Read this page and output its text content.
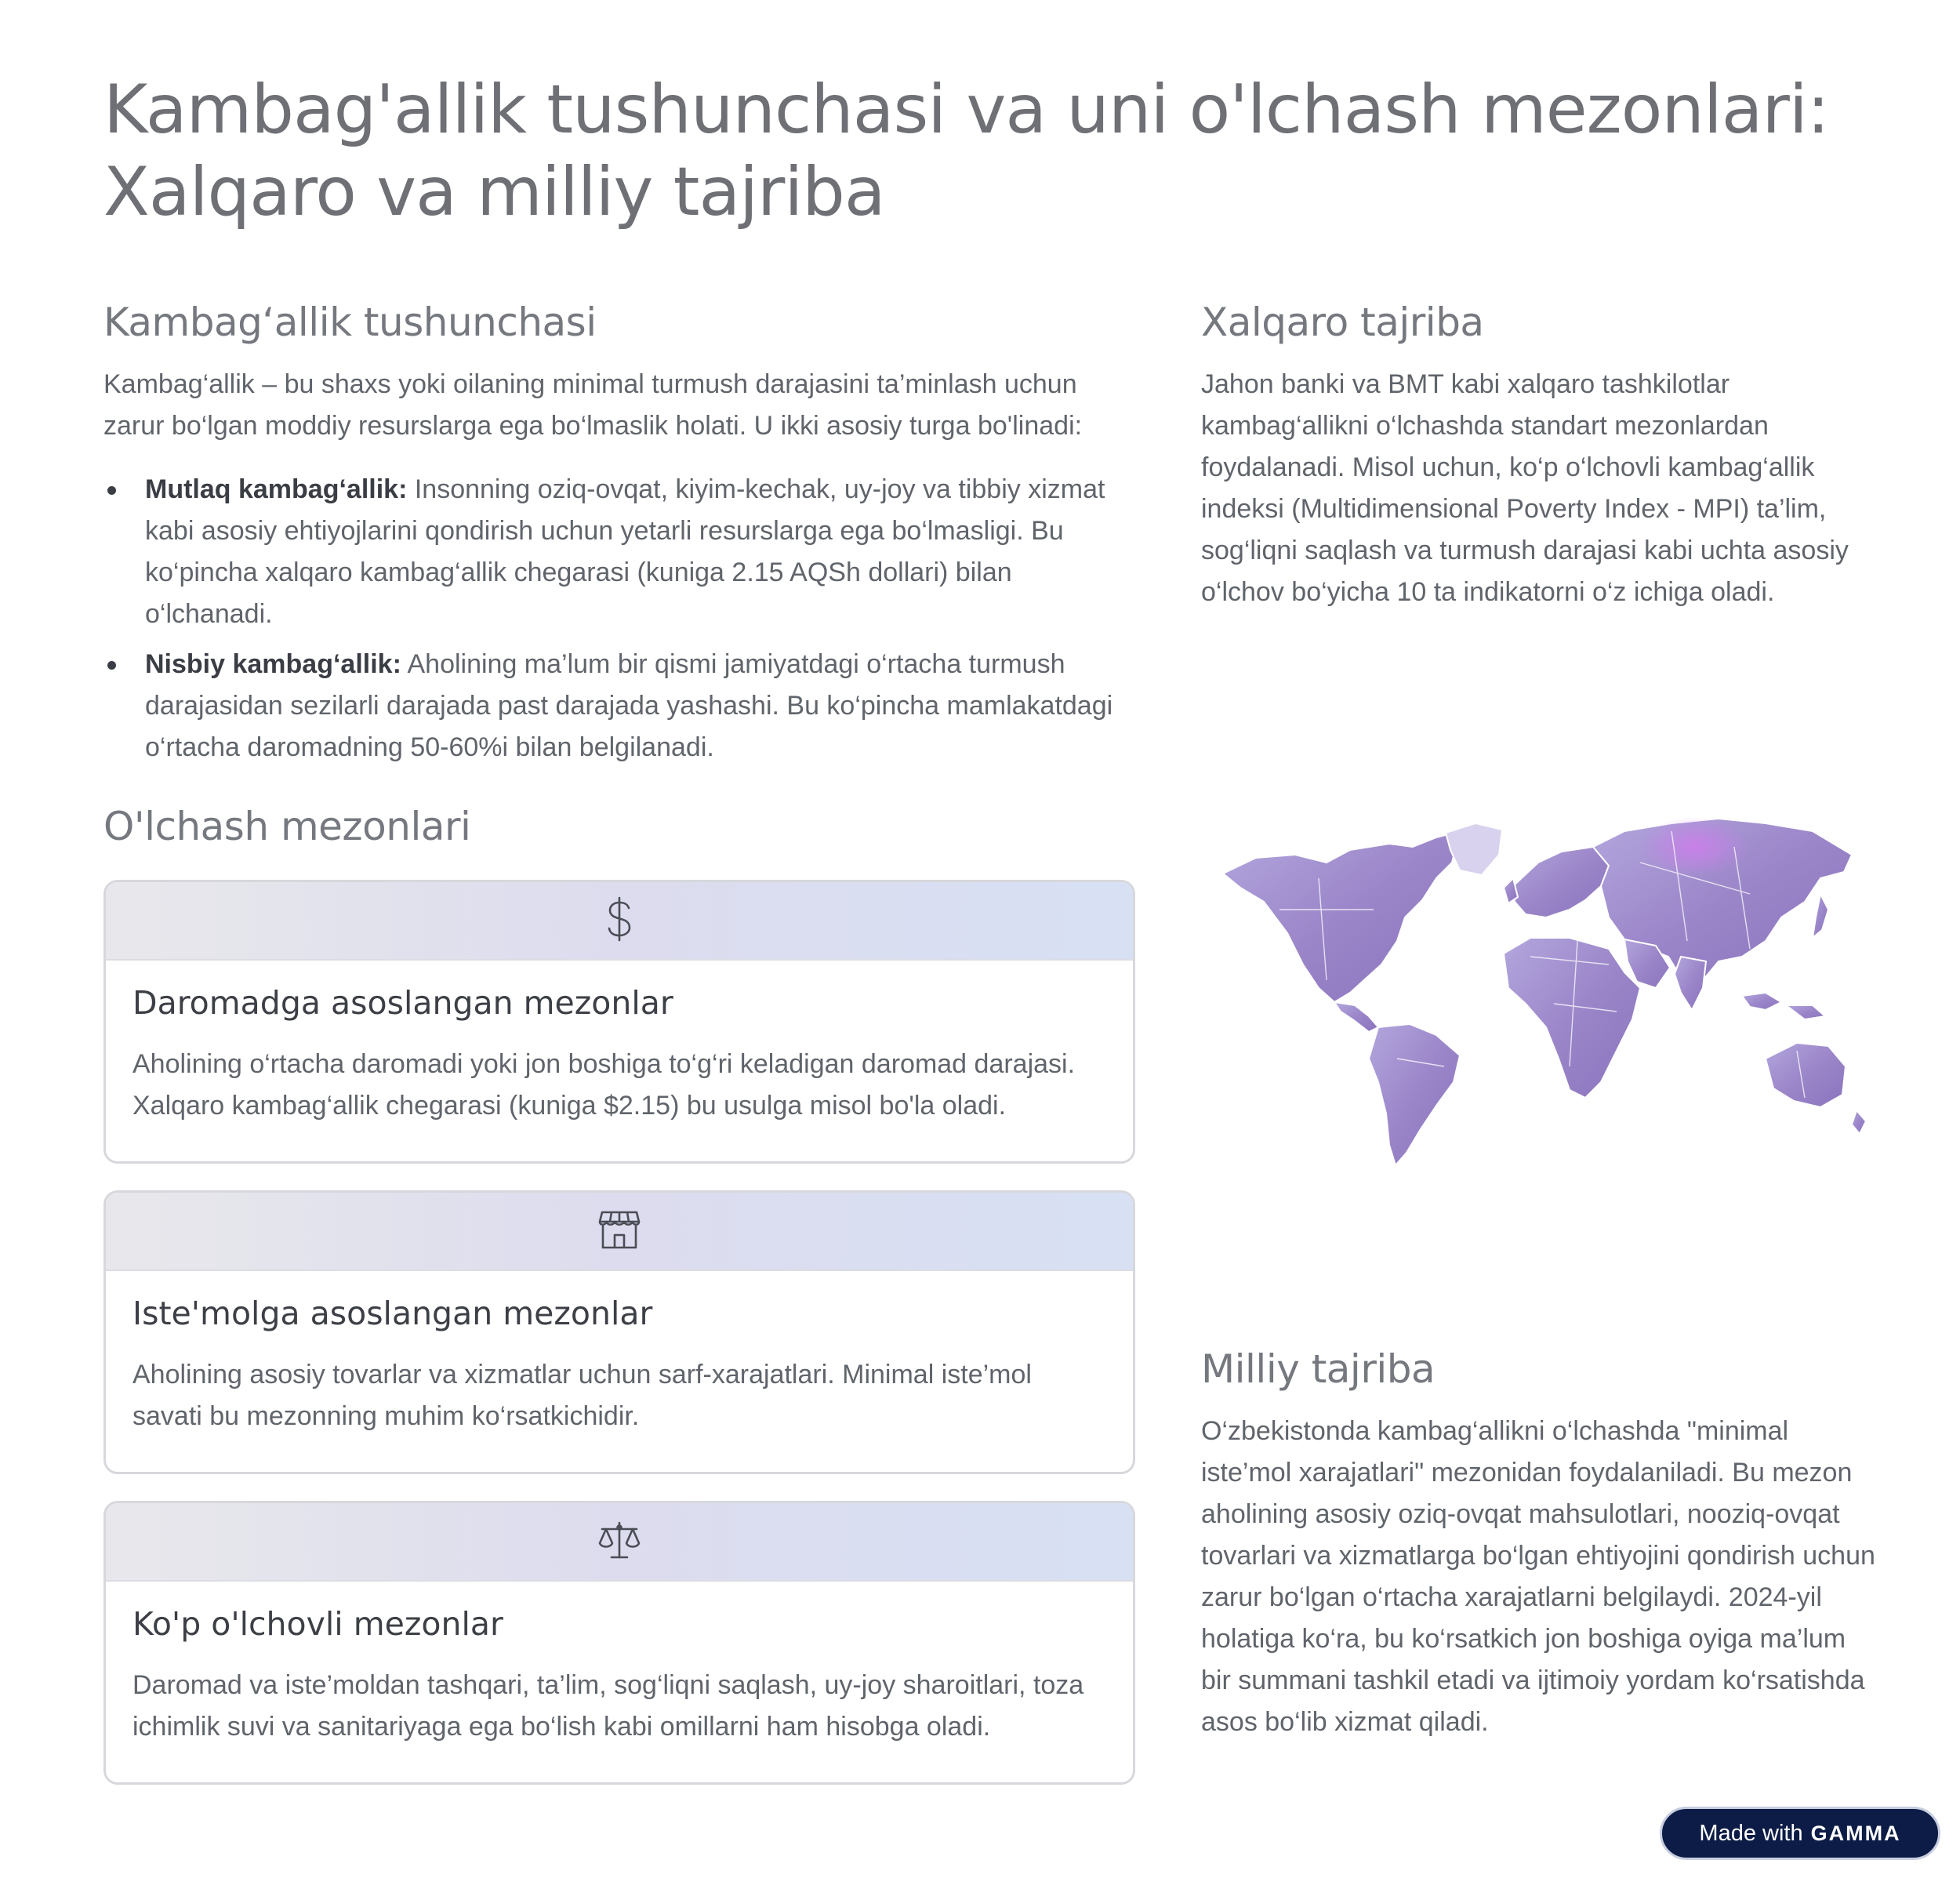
Kambag'allik tushunchasi va uni o'lchash mezonlari: Xalqaro va milliy tajriba
Kambag‘allik tushunchasi

Kambag‘allik – bu shaxs yoki oilaning minimal turmush darajasini ta’minlash uchun zarur bo‘lgan moddiy resurslarga ega bo‘lmaslik holati. U ikki asosiy turga bo'linadi:

Mutlaq kambag‘allik: Insonning oziq-ovqat, kiyim-kechak, uy-joy va tibbiy xizmat kabi asosiy ehtiyojlarini qondirish uchun yetarli resurslarga ega bo‘lmasligi. Bu ko‘pincha xalqaro kambag‘allik chegarasi (kuniga 2.15 AQSh dollari) bilan o‘lchanadi.
Nisbiy kambag‘allik: Aholining ma’lum bir qismi jamiyatdagi o‘rtacha turmush darajasidan sezilarli darajada past darajada yashashi. Bu ko‘pincha mamlakatdagi o‘rtacha daromadning 50-60%i bilan belgilanadi.
O'lchash mezonlari
Daromadga asoslangan mezonlar

Aholining o‘rtacha daromadi yoki jon boshiga to‘g‘ri keladigan daromad darajasi. Xalqaro kambag‘allik chegarasi (kuniga $2.15) bu usulga misol bo'la oladi.

Iste'molga asoslangan mezonlar

Aholining asosiy tovarlar va xizmatlar uchun sarf-xarajatlari. Minimal iste’mol savati bu mezonning muhim ko‘rsatkichidir.

Ko'p o'lchovli mezonlar

Daromad va iste’moldan tashqari, ta’lim, sog‘liqni saqlash, uy-joy sharoitlari, toza ichimlik suvi va sanitariyaga ega bo‘lish kabi omillarni ham hisobga oladi.

Xalqaro tajriba

Jahon banki va BMT kabi xalqaro tashkilotlar kambag‘allikni o‘lchashda standart mezonlardan foydalanadi. Misol uchun, ko‘p o‘lchovli kambag‘allik indeksi (Multidimensional Poverty Index - MPI) ta’lim, sog‘liqni saqlash va turmush darajasi kabi uchta asosiy o‘lchov bo‘yicha 10 ta indikatorni o‘z ichiga oladi.

Milliy tajriba

O‘zbekistonda kambag‘allikni o‘lchashda "minimal iste’mol xarajatlari" mezonidan foydalaniladi. Bu mezon aholining asosiy oziq-ovqat mahsulotlari, nooziq-ovqat tovarlari va xizmatlarga bo‘lgan ehtiyojini qondirish uchun zarur bo‘lgan o‘rtacha xarajatlarni belgilaydi. 2024-yil holatiga ko‘ra, bu ko‘rsatkich jon boshiga oyiga ma’lum bir summani tashkil etadi va ijtimoiy yordam ko‘rsatishda asos bo‘lib xizmat qiladi.

Made with GAMMA
